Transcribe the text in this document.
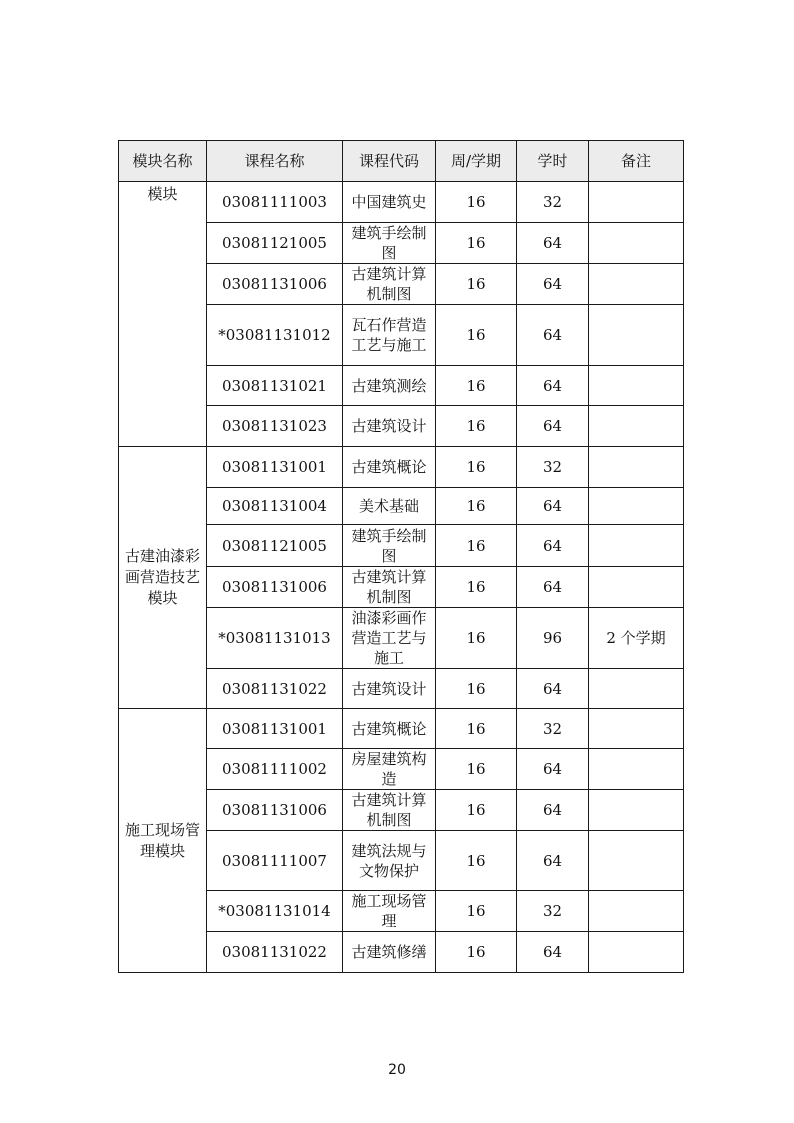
模块名称	课程名称	课程代码	周/学期	学时	备注
模块	03081111003	中国建筑史	16	32	
	03081121005	建筑手绘制图	16	64	
	03081131006	古建筑计算机制图	16	64	
	*03081131012	瓦石作营造工艺与施工	16	64	
	03081131021	古建筑测绘	16	64	
	03081131023	古建筑设计	16	64	
古建油漆彩画营造技艺模块	03081131001	古建筑概论	16	32	
	03081131004	美术基础	16	64	
	03081121005	建筑手绘制图	16	64	
	03081131006	古建筑计算机制图	16	64	
	*03081131013	油漆彩画作营造工艺与施工	16	96	2 个学期
	03081131022	古建筑设计	16	64	
施工现场管理模块	03081131001	古建筑概论	16	32	
	03081111002	房屋建筑构造	16	64	
	03081131006	古建筑计算机制图	16	64	
	03081111007	建筑法规与文物保护	16	64	
	*03081131014	施工现场管理	16	32	
	03081131022	古建筑修缮	16	64	
20
